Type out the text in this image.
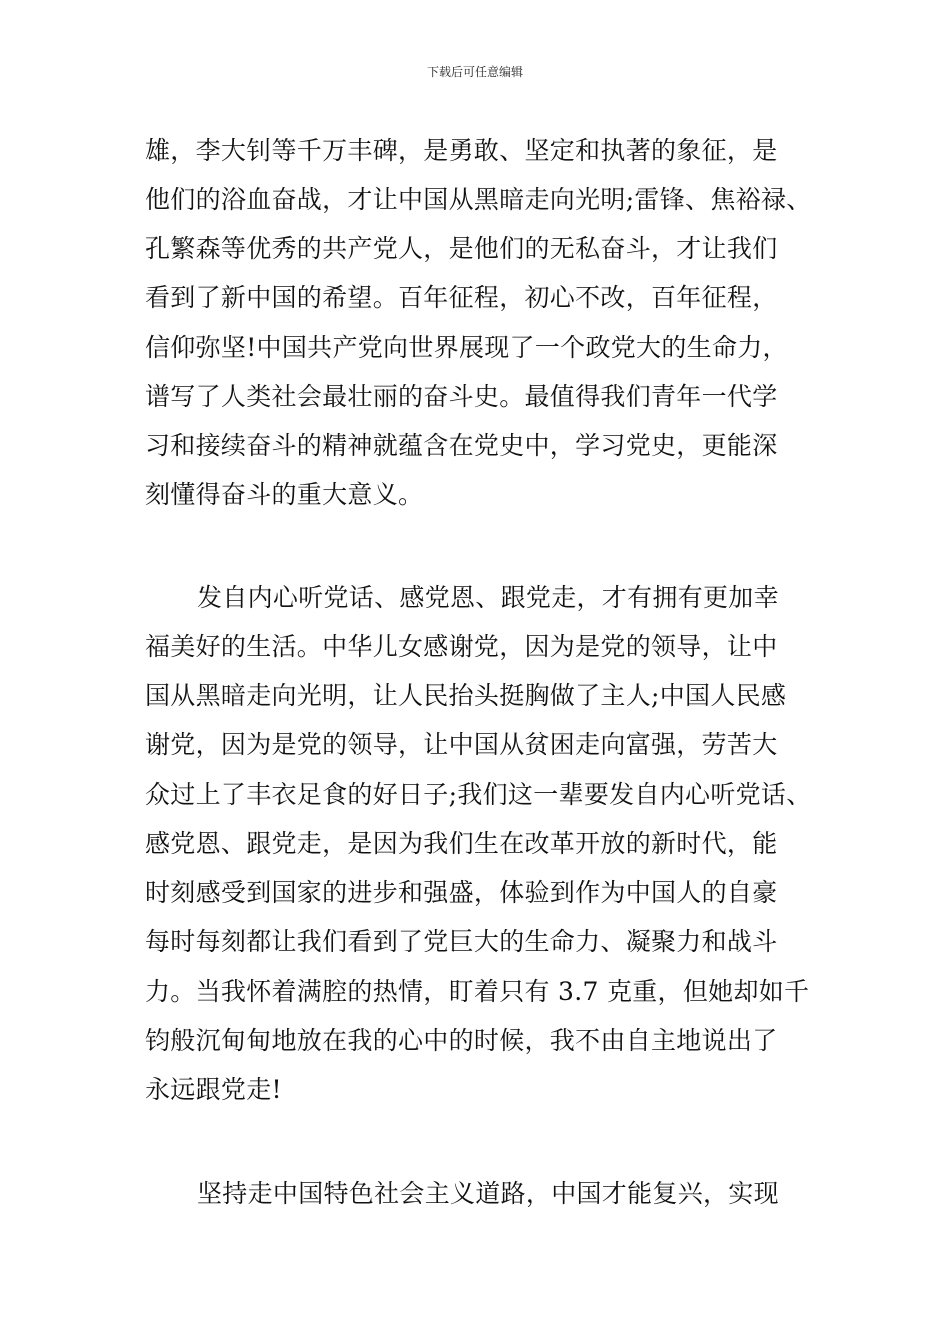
下载后可任意编辑
雄，李大钊等千万丰碑，是勇敢、坚定和执著的象征，是
他们的浴血奋战，才让中国从黑暗走向光明;雷锋、焦裕禄、
孔繁森等优秀的共产党人，是他们的无私奋斗，才让我们
看到了新中国的希望。百年征程，初心不改，百年征程，
信仰弥坚!中国共产党向世界展现了一个政党大的生命力，
谱写了人类社会最壮丽的奋斗史。最值得我们青年一代学
习和接续奋斗的精神就蕴含在党史中，学习党史，更能深
刻懂得奋斗的重大意义。
发自内心听党话、感党恩、跟党走，才有拥有更加幸
福美好的生活。中华儿女感谢党，因为是党的领导，让中
国从黑暗走向光明，让人民抬头挺胸做了主人;中国人民感
谢党，因为是党的领导，让中国从贫困走向富强，劳苦大
众过上了丰衣足食的好日子;我们这一辈要发自内心听党话、
感党恩、跟党走，是因为我们生在改革开放的新时代，能
时刻感受到国家的进步和强盛，体验到作为中国人的自豪
每时每刻都让我们看到了党巨大的生命力、凝聚力和战斗
力。当我怀着满腔的热情，盯着只有 3.7 克重，但她却如千
钧般沉甸甸地放在我的心中的时候，我不由自主地说出了
永远跟党走!
坚持走中国特色社会主义道路，中国才能复兴，实现
